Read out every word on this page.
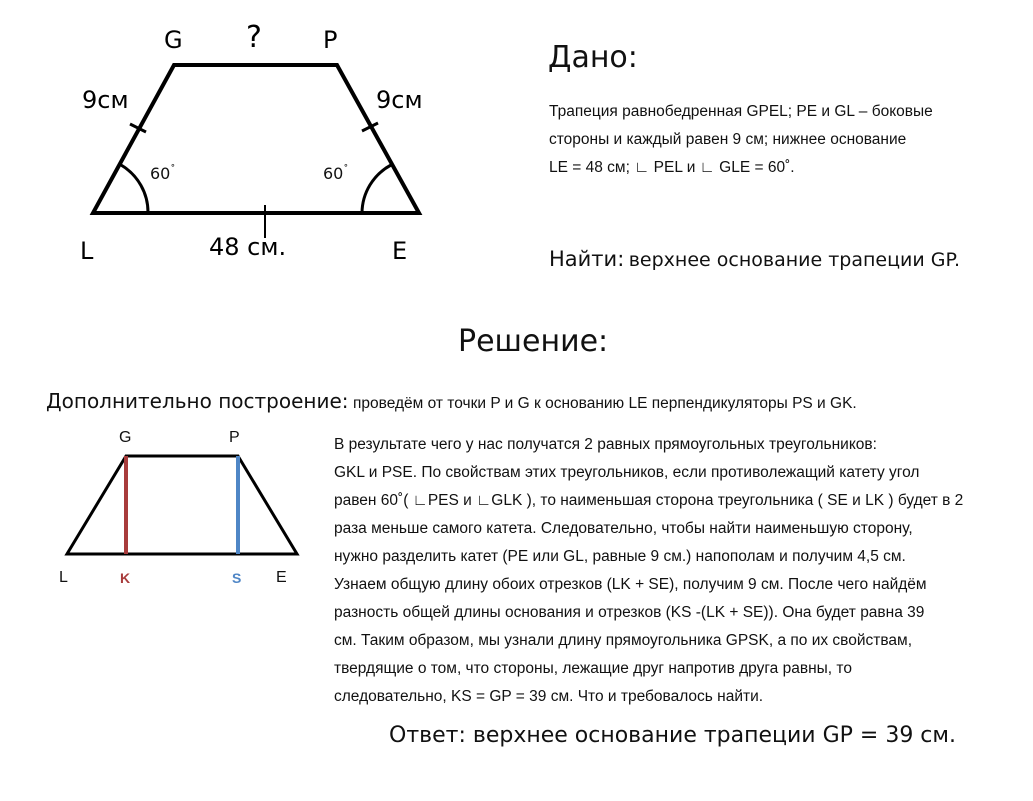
G ?	P
9см	9см
60˚	60˚
L	48 см.	E
Дано:
Трапеция равнобедренная GPEL; PE и GL – боковые
стороны и каждый равен 9 см; нижнее основание
LE = 48 см; ∟ PEL и ∟ GLE = 60˚.
Найти: верхнее основание трапеции GP.
Решение:
Дополнительно построение: проведём от точки P и G к основанию LE перпендикуляторы PS и GK.
G	P
L	K	S E
В результате чего у нас получатся 2 равных прямоугольных треугольников:
GKL и PSE. По свойствам этих треугольников, если противолежащий катету угол
равен 60˚( ∟PES и ∟GLK ), то наименьшая сторона треугольника ( SE и LK ) будет в 2
раза меньше самого катета. Следовательно, чтобы найти наименьшую сторону,
нужно разделить катет (PE или GL, равные 9 см.) напополам и получим 4,5 см.
Узнаем общую длину обоих отрезков (LK + SE), получим 9 см. После чего найдём
разность общей длины основания и отрезков (KS -(LK + SE)). Она будет равна 39
см. Таким образом, мы узнали длину прямоугольника GPSK, а по их свойствам,
твердящие о том, что стороны, лежащие друг напротив друга равны, то
следовательно, KS = GP = 39 см. Что и требовалось найти.
Ответ: верхнее основание трапеции GP = 39 см.
